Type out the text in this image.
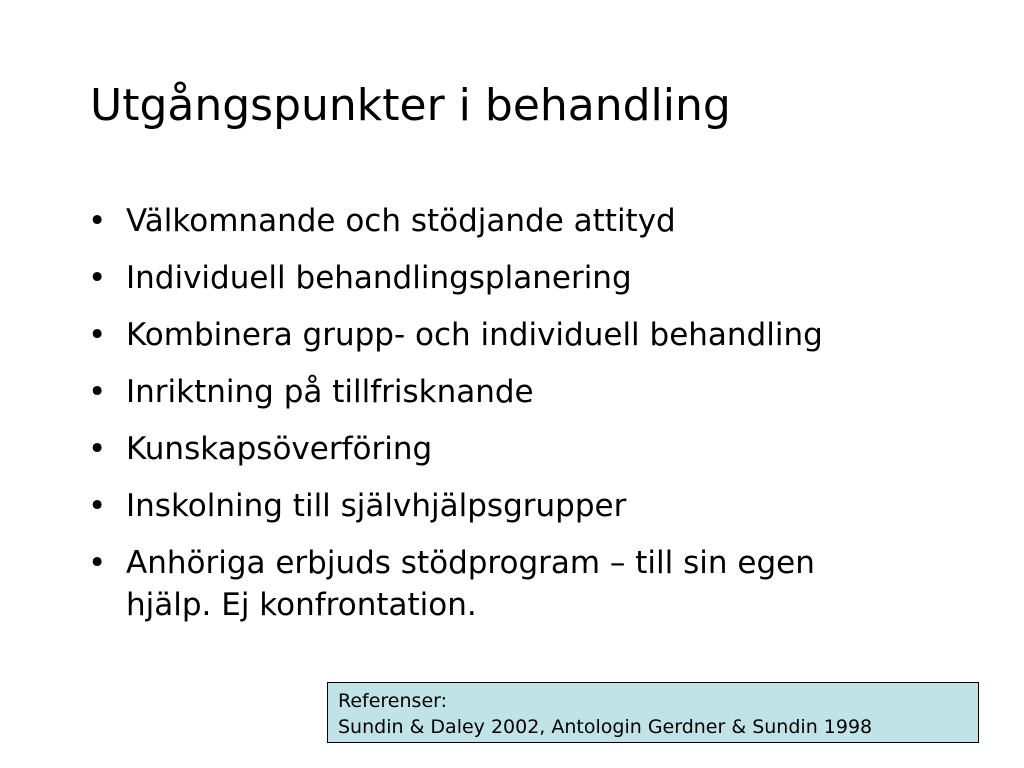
Utgångspunkter i behandling
•
Välkomnande och stödjande attityd
•
Individuell behandlingsplanering
•
Kombinera grupp- och individuell behandling
•
Inriktning på tillfrisknande
•
Kunskapsöverföring
•
Inskolning till självhjälpsgrupper
•
Anhöriga erbjuds stödprogram – till sin egen hjälp. Ej konfrontation.
Referenser:
Sundin & Daley 2002, Antologin Gerdner & Sundin 1998
